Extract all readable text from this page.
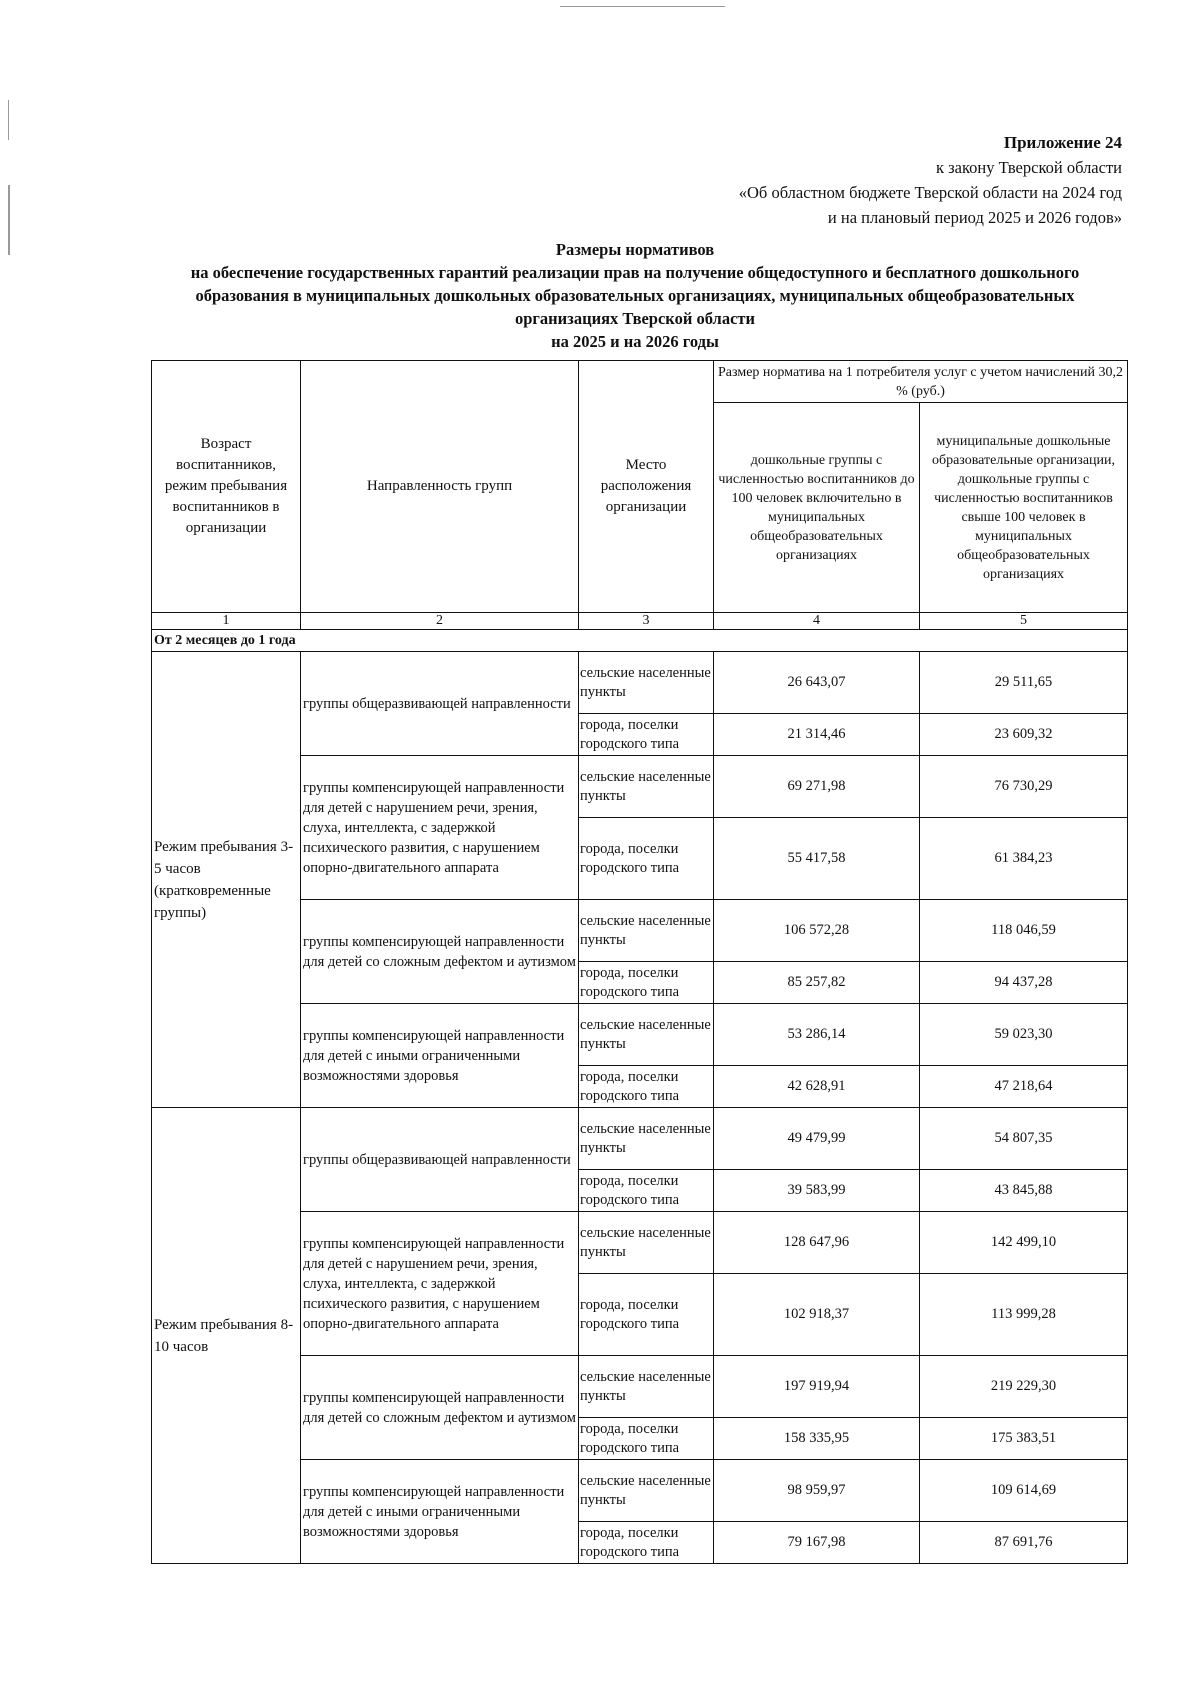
Приложение 24
к закону Тверской области
«Об областном бюджете Тверской области на 2024 год
и на плановый период 2025 и 2026 годов»
Размеры нормативов
на обеспечение государственных гарантий реализации прав на получение общедоступного и бесплатного дошкольного
образования в муниципальных дошкольных образовательных организациях, муниципальных общеобразовательных
организациях Тверской области
на 2025 и на 2026 годы
Возраст воспитанников, режим пребывания воспитанников в организации	Направленность групп	Место расположения организации	Размер норматива на 1 потребителя услуг с учетом начислений 30,2 % (руб.)	
			дошкольные группы с численностью воспитанников до 100 человек включительно в муниципальных общеобразовательных организациях	муниципальные дошкольные образовательные организации, дошкольные группы с численностью воспитанников свыше 100 человек в муниципальных общеобразовательных организациях
1	2	3	4	5
От 2 месяцев до 1 года				
Режим пребывания 3-5 часов (кратковременные группы)	группы общеразвивающей направленности	сельские населенные пункты	26 643,07	29 511,65
		города, поселки городского типа	21 314,46	23 609,32
	группы компенсирующей направленности для детей с нарушением речи, зрения, слуха, интеллекта, с задержкой психического развития, с нарушением опорно-двигательного аппарата	сельские населенные пункты	69 271,98	76 730,29
		города, поселки городского типа	55 417,58	61 384,23
	группы компенсирующей направленности для детей со сложным дефектом и аутизмом	сельские населенные пункты	106 572,28	118 046,59
		города, поселки городского типа	85 257,82	94 437,28
	группы компенсирующей направленности для детей с иными ограниченными возможностями здоровья	сельские населенные пункты	53 286,14	59 023,30
		города, поселки городского типа	42 628,91	47 218,64
Режим пребывания 8- 10 часов	группы общеразвивающей направленности	сельские населенные пункты	49 479,99	54 807,35
		города, поселки городского типа	39 583,99	43 845,88
	группы компенсирующей направленности для детей с нарушением речи, зрения, слуха, интеллекта, с задержкой психического развития, с нарушением опорно-двигательного аппарата	сельские населенные пункты	128 647,96	142 499,10
		города, поселки городского типа	102 918,37	113 999,28
	группы компенсирующей направленности для детей со сложным дефектом и аутизмом	сельские населенные пункты	197 919,94	219 229,30
		города, поселки городского типа	158 335,95	175 383,51
	группы компенсирующей направленности для детей с иными ограниченными возможностями здоровья	сельские населенные пункты	98 959,97	109 614,69
		города, поселки городского типа	79 167,98	87 691,76
